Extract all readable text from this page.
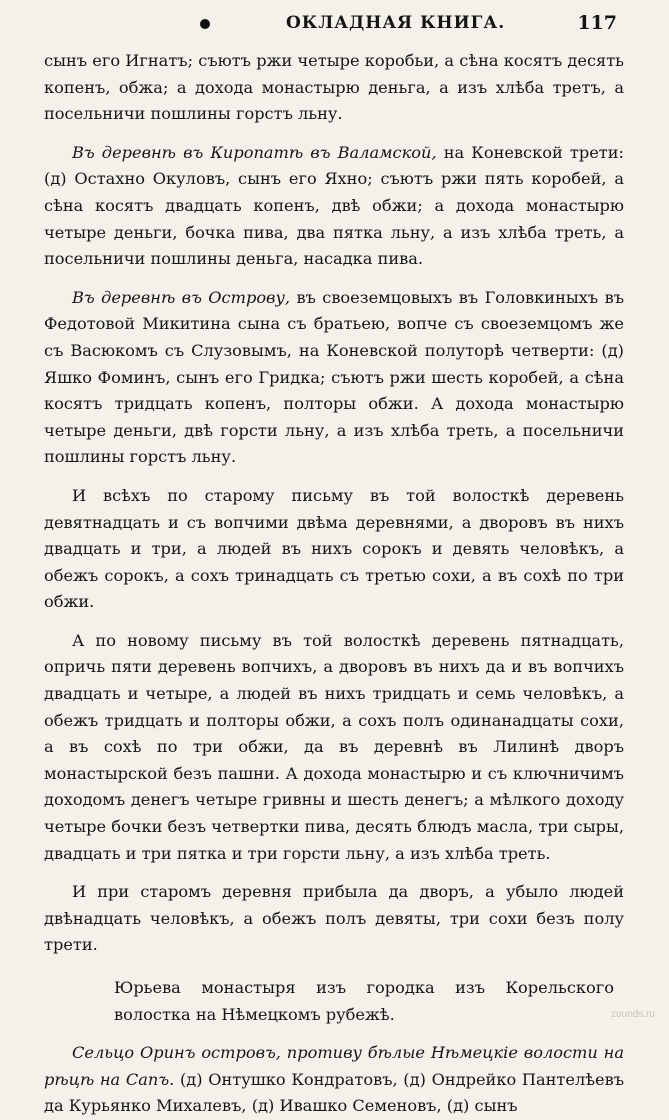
ОКЛАДНАЯ КНИГА.	117

сынъ его Игнатъ; съютъ ржи четыре коробьи, а сѣна косятъ десять копенъ, обжа; а дохода монастырю деньга, а изъ хлѣба третъ, а посельничи пошлины горстъ льну.

Въ деревнѣ въ Киропатѣ въ Валамской, на Коневской трети: (д) Остахно Окуловъ, сынъ его Яхно; съютъ ржи пять коробей, а сѣна косятъ двадцать копенъ, двѣ обжи; а дохода монастырю четыре деньги, бочка пива, два пятка льну, а изъ хлѣба треть, а посельничи пошлины деньга, насадка пива.

Въ деревнѣ въ Острову, въ своеземцовыхъ въ Головкиныхъ въ Федотовой Микитина сына съ братьею, вопче съ своеземцомъ же съ Васюкомъ съ Слузовымъ, на Коневской полуторѣ четверти: (д) Яшко Фоминъ, сынъ его Гридка; съютъ ржи шесть коробей, а сѣна косятъ тридцать копенъ, полторы обжи. А дохода монастырю четыре деньги, двѣ горсти льну, а изъ хлѣба треть, а посельничи пошлины горстъ льну.

И всѣхъ по старому письму въ той волосткѣ деревень девятнадцать и съ вопчими двѣма деревнями, а дворовъ въ нихъ двадцать и три, а людей въ нихъ сорокъ и девять человѣкъ, а обежъ сорокъ, а сохъ тринадцать съ третью сохи, а въ сохѣ по три обжи.

А по новому письму въ той волосткѣ деревень пятнадцать, опричь пяти деревень вопчихъ, а дворовъ въ нихъ да и въ вопчихъ двадцать и четыре, а людей въ нихъ тридцать и семь человѣкъ, а обежъ тридцать и полторы обжи, а сохъ полъ одинанадцаты сохи, а въ сохѣ по три обжи, да въ деревнѣ въ Лилинѣ дворъ монастырской безъ пашни. А дохода монастырю и съ ключничимъ доходомъ денегъ четыре гривны и шесть денегъ; а мѣлкого доходу четыре бочки безъ четвертки пива, десять блюдъ масла, три сыры, двадцать и три пятка и три горсти льну, а изъ хлѣба треть.

И при старомъ деревня прибыла да дворъ, а убыло людей двѣнадцать человѣкъ, а обежъ полъ девяты, три сохи безъ полу трети.

Юрьева монастыря изъ городка изъ Корельского волостка на Нѣмецкомъ рубежѣ.

Сельцо Оринъ островъ, противу бѣлые Нѣмецкіе волости на рѣцѣ на Сапъ. (д) Онтушко Кондратовъ, (д) Ондрейко Пантелѣевъ да Курьянко Михалевъ, (д) Ивашко Семеновъ, (д) сынъ

zounds.ru
